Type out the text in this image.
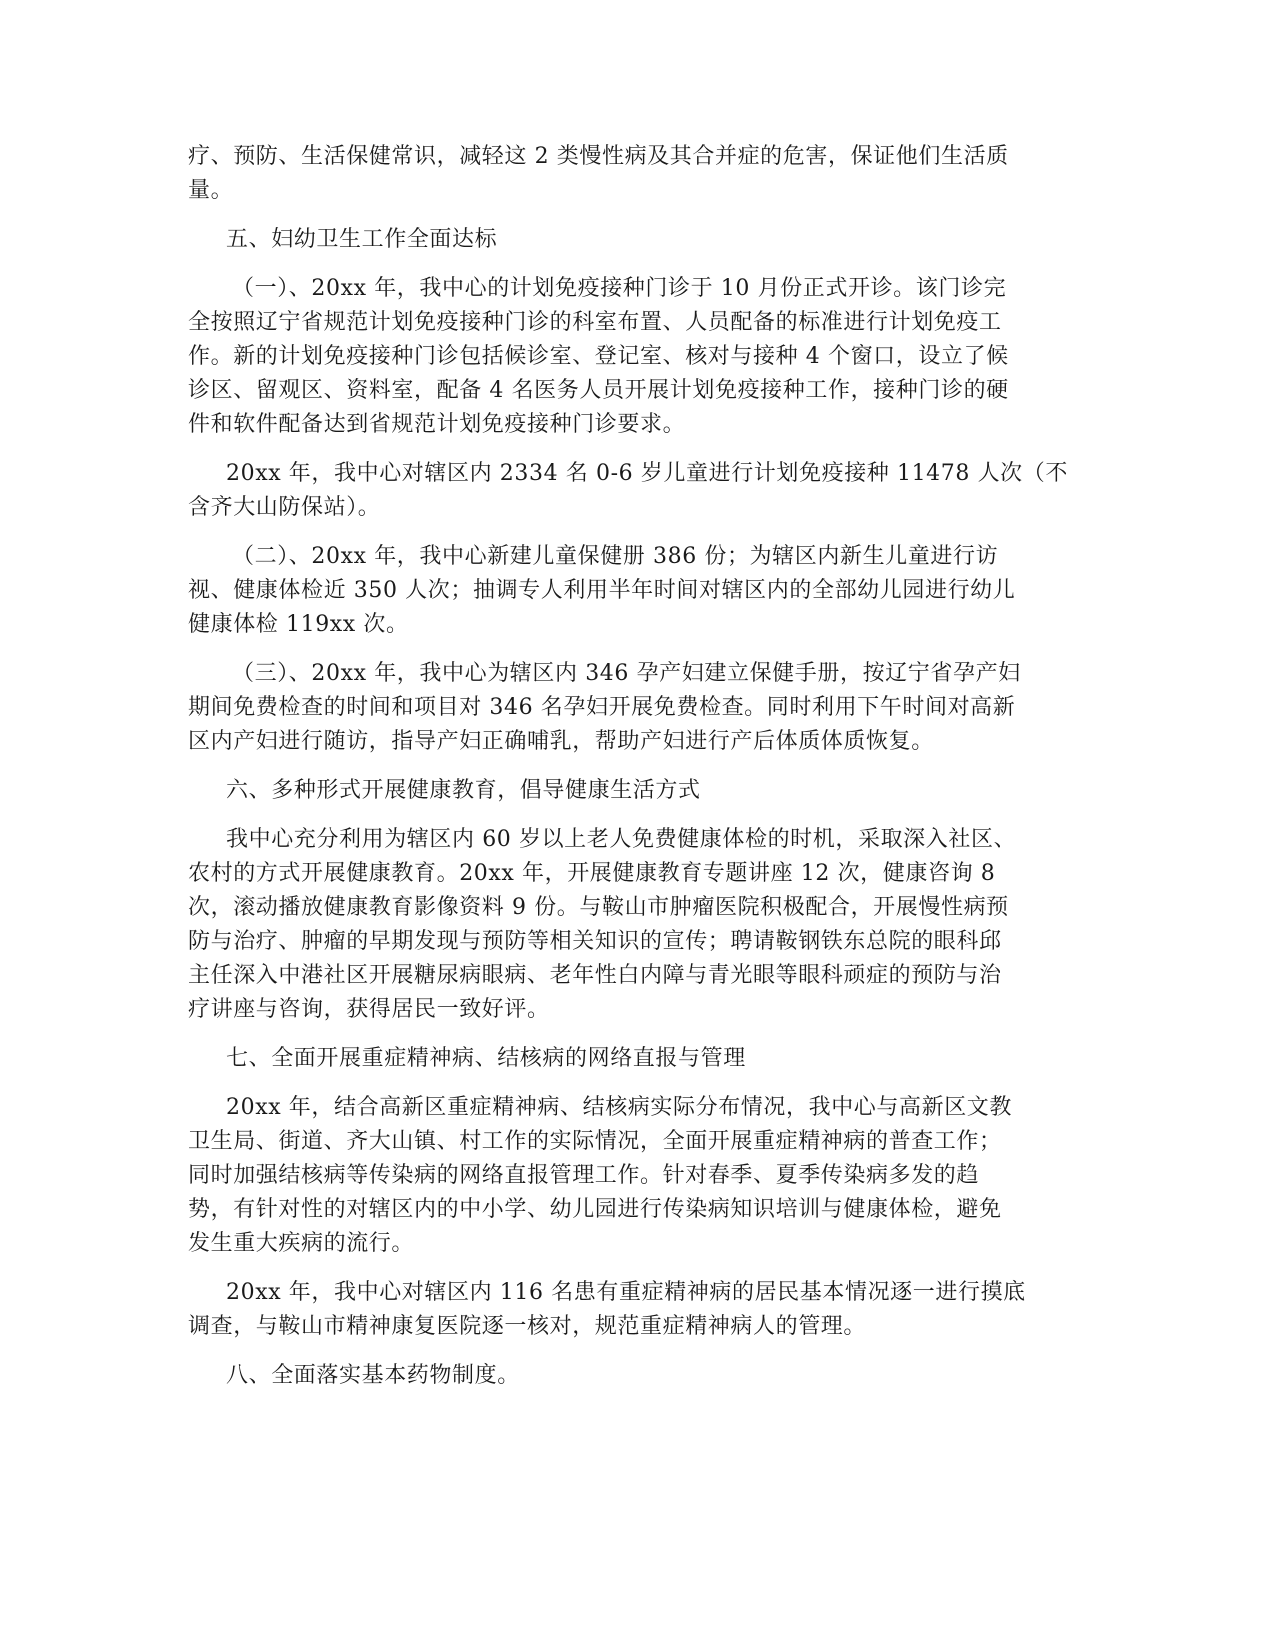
疗、预防、生活保健常识，减轻这 2 类慢性病及其合并症的危害，保证他们生活质
量。

五、妇幼卫生工作全面达标

（一）、20xx 年，我中心的计划免疫接种门诊于 10 月份正式开诊。该门诊完
全按照辽宁省规范计划免疫接种门诊的科室布置、人员配备的标准进行计划免疫工
作。新的计划免疫接种门诊包括候诊室、登记室、核对与接种 4 个窗口，设立了候
诊区、留观区、资料室，配备 4 名医务人员开展计划免疫接种工作，接种门诊的硬
件和软件配备达到省规范计划免疫接种门诊要求。

20xx 年，我中心对辖区内 2334 名 0-6 岁儿童进行计划免疫接种 11478 人次（不
含齐大山防保站）。

（二）、20xx 年，我中心新建儿童保健册 386 份；为辖区内新生儿童进行访
视、健康体检近 350 人次；抽调专人利用半年时间对辖区内的全部幼儿园进行幼儿
健康体检 119xx 次。

（三）、20xx 年，我中心为辖区内 346 孕产妇建立保健手册，按辽宁省孕产妇
期间免费检查的时间和项目对 346 名孕妇开展免费检查。同时利用下午时间对高新
区内产妇进行随访，指导产妇正确哺乳，帮助产妇进行产后体质体质恢复。

六、多种形式开展健康教育，倡导健康生活方式

我中心充分利用为辖区内 60 岁以上老人免费健康体检的时机，采取深入社区、
农村的方式开展健康教育。20xx 年，开展健康教育专题讲座 12 次，健康咨询 8
次，滚动播放健康教育影像资料 9 份。与鞍山市肿瘤医院积极配合，开展慢性病预
防与治疗、肿瘤的早期发现与预防等相关知识的宣传；聘请鞍钢铁东总院的眼科邱
主任深入中港社区开展糖尿病眼病、老年性白内障与青光眼等眼科顽症的预防与治
疗讲座与咨询，获得居民一致好评。

七、全面开展重症精神病、结核病的网络直报与管理

20xx 年，结合高新区重症精神病、结核病实际分布情况，我中心与高新区文教
卫生局、街道、齐大山镇、村工作的实际情况，全面开展重症精神病的普查工作；
同时加强结核病等传染病的网络直报管理工作。针对春季、夏季传染病多发的趋
势，有针对性的对辖区内的中小学、幼儿园进行传染病知识培训与健康体检，避免
发生重大疾病的流行。

20xx 年，我中心对辖区内 116 名患有重症精神病的居民基本情况逐一进行摸底
调查，与鞍山市精神康复医院逐一核对，规范重症精神病人的管理。

八、全面落实基本药物制度。
